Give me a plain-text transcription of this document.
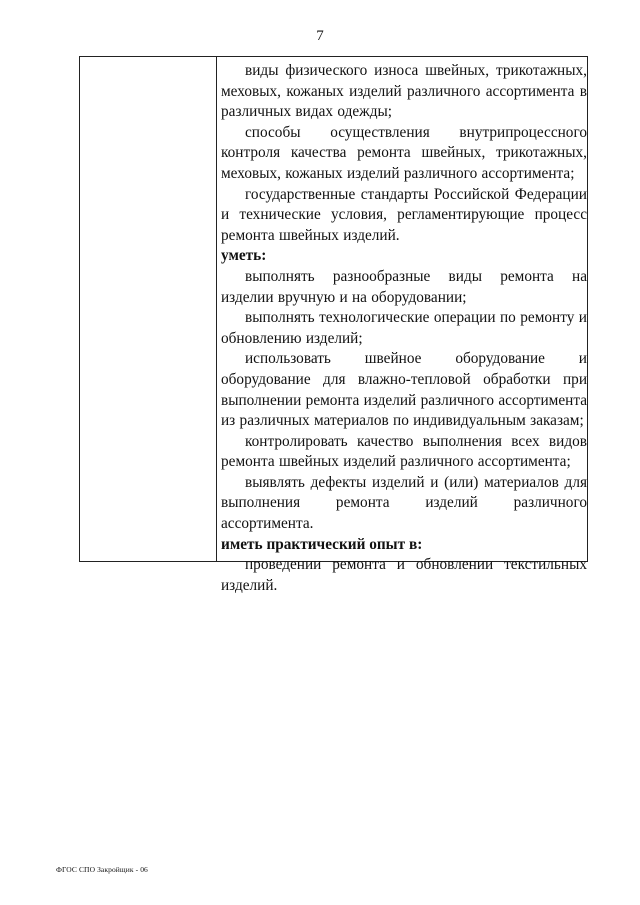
7

виды физического износа швейных, трикотажных, меховых, кожаных изделий различного ассортимента в различных видах одежды;

способы осуществления внутрипроцессного контроля качества ремонта швейных, трикотажных, меховых, кожаных изделий различного ассортимента;

государственные стандарты Российской Федерации и технические условия, регламентирующие процесс ремонта швейных изделий.

уметь:

выполнять разнообразные виды ремонта на изделии вручную и на оборудовании;

выполнять технологические операции по ремонту и обновлению изделий;

использовать швейное оборудование и оборудование для влажно-тепловой обработки при выполнении ремонта изделий различного ассортимента из различных материалов по индивидуальным заказам;

контролировать качество выполнения всех видов ремонта швейных изделий различного ассортимента;

выявлять дефекты изделий и (или) материалов для выполнения ремонта изделий различного ассортимента.

иметь практический опыт в:

проведении ремонта и обновлении текстильных изделий.

ФГОС СПО Закройщик - 06
